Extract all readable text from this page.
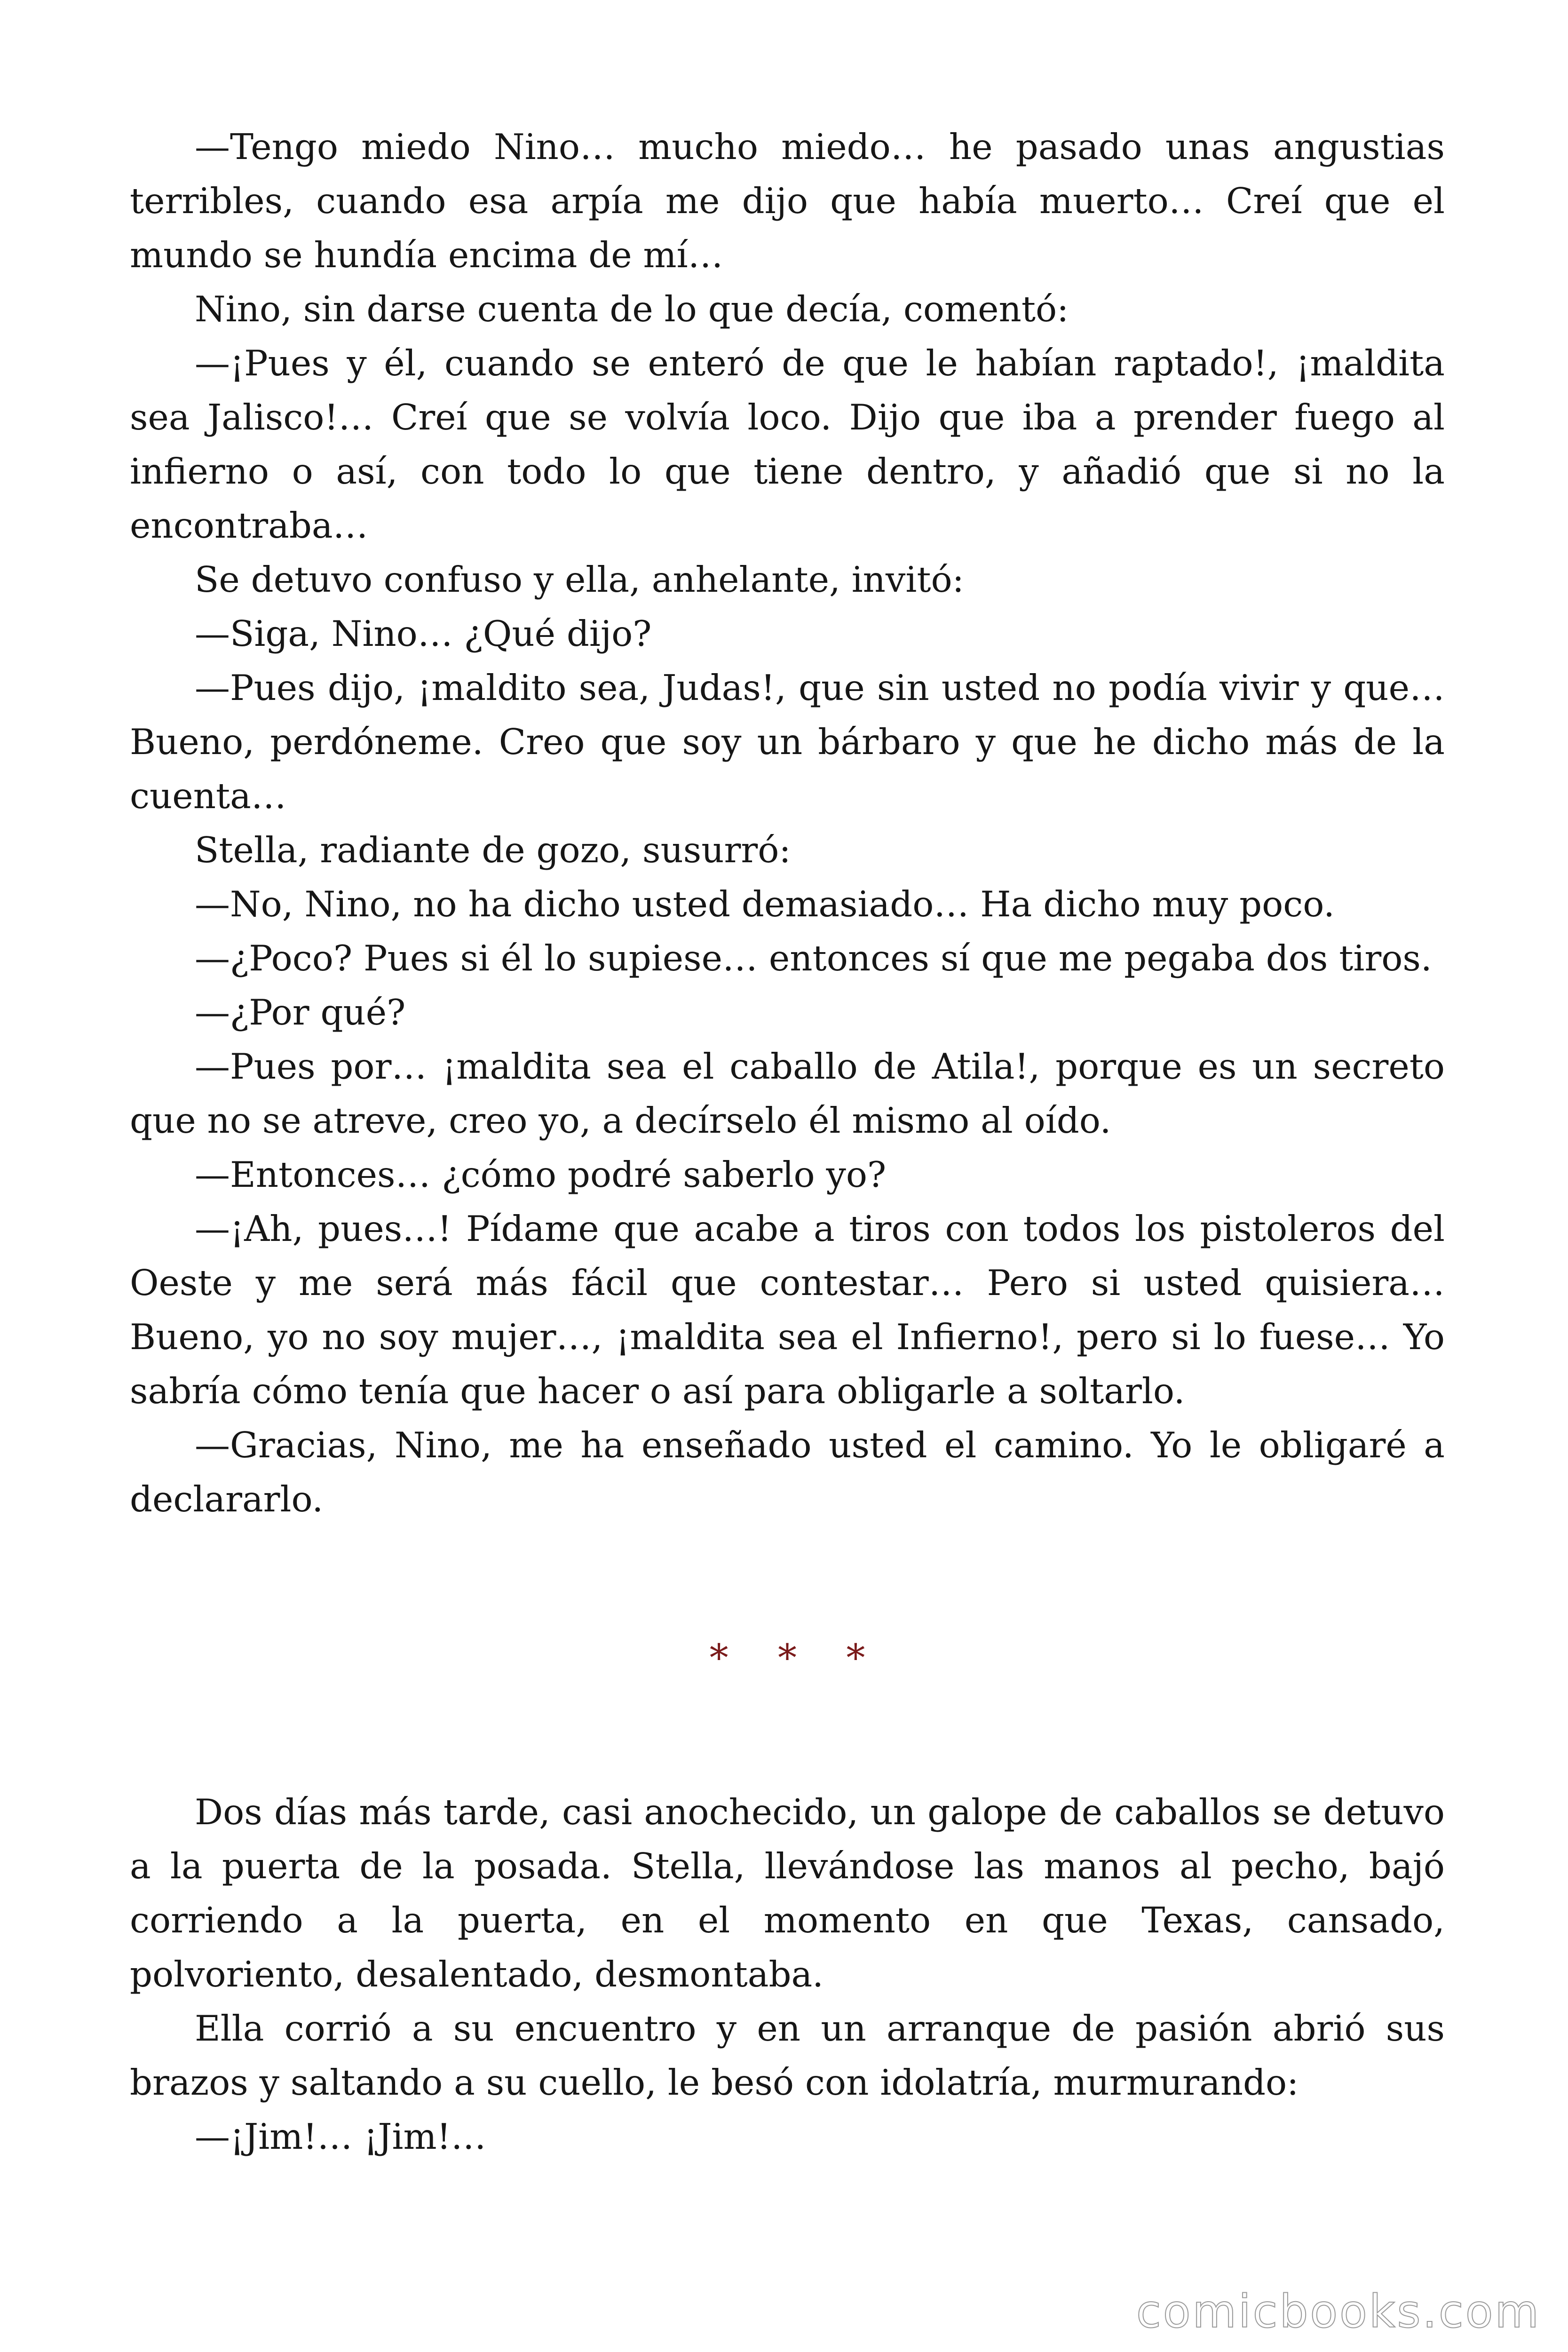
—Tengo miedo Nino… mucho miedo… he pasado unas angustias terribles, cuando esa arpía me dijo que había muerto… Creí que el mundo se hundía encima de mí…

Nino, sin darse cuenta de lo que decía, comentó:

—¡Pues y él, cuando se enteró de que le habían raptado!, ¡maldita sea Jalisco!… Creí que se volvía loco. Dijo que iba a prender fuego al infierno o así, con todo lo que tiene dentro, y añadió que si no la encontraba…

Se detuvo confuso y ella, anhelante, invitó:

—Siga, Nino… ¿Qué dijo?

—Pues dijo, ¡maldito sea, Judas!, que sin usted no podía vivir y que… Bueno, perdóneme. Creo que soy un bárbaro y que he dicho más de la cuenta…

Stella, radiante de gozo, susurró:

—No, Nino, no ha dicho usted demasiado… Ha dicho muy poco.

—¿Poco? Pues si él lo supiese… entonces sí que me pegaba dos tiros.

—¿Por qué?

—Pues por… ¡maldita sea el caballo de Atila!, porque es un secreto que no se atreve, creo yo, a decírselo él mismo al oído.

—Entonces… ¿cómo podré saberlo yo?

—¡Ah, pues…! Pídame que acabe a tiros con todos los pistoleros del Oeste y me será más fácil que contestar… Pero si usted quisiera… Bueno, yo no soy mujer…, ¡maldita sea el Infierno!, pero si lo fuese… Yo sabría cómo tenía que hacer o así para obligarle a soltarlo.

—Gracias, Nino, me ha enseñado usted el camino. Yo le obligaré a declararlo.

* * *

Dos días más tarde, casi anochecido, un galope de caballos se detuvo a la puerta de la posada. Stella, llevándose las manos al pecho, bajó corriendo a la puerta, en el momento en que Texas, cansado, polvoriento, desalentado, desmontaba.

Ella corrió a su encuentro y en un arranque de pasión abrió sus brazos y saltando a su cuello, le besó con idolatría, murmurando:

—¡Jim!… ¡Jim!…

comicbooks.com
